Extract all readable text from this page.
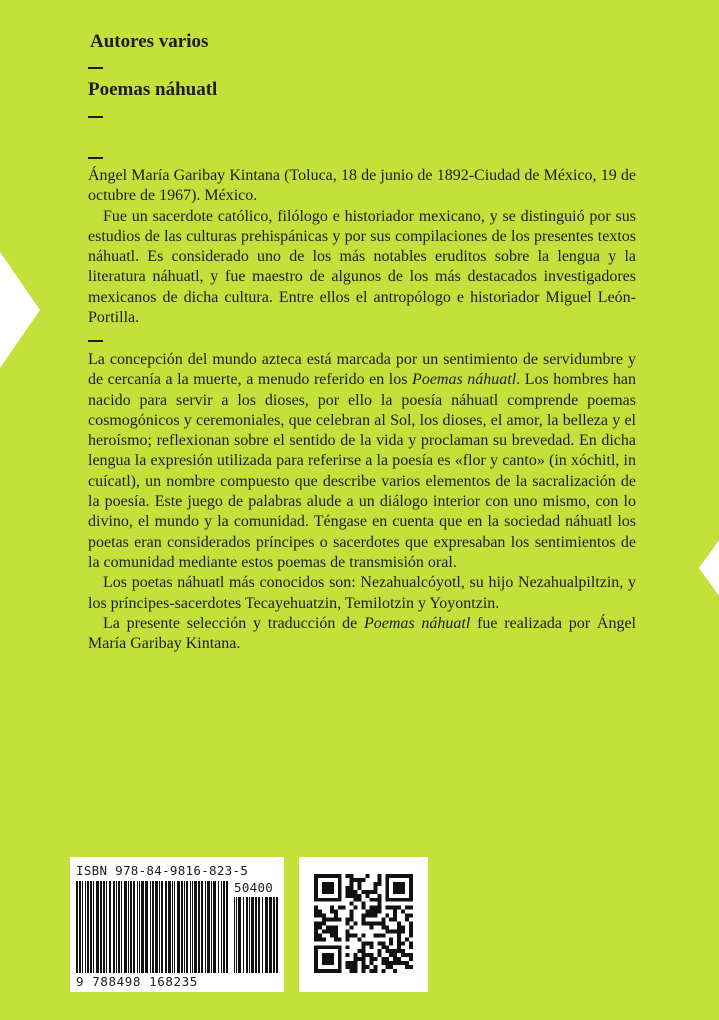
Autores varios
Poemas náhuatl

Ángel María Garibay Kintana (Toluca, 18 de junio de 1892-Ciudad de México, 19 de octubre de 1967). México.

Fue un sacerdote católico, filólogo e historiador mexicano, y se distinguió por sus estudios de las culturas prehispánicas y por sus compilaciones de los presentes textos náhuatl. Es considerado uno de los más notables eruditos sobre la lengua y la literatura náhuatl, y fue maestro de algunos de los más destacados investigadores mexicanos de dicha cultura. Entre ellos el antropólogo e historiador Miguel León-Portilla.

La concepción del mundo azteca está marcada por un sentimiento de servidumbre y de cercanía a la muerte, a menudo referido en los Poemas náhuatl. Los hombres han nacido para servir a los dioses, por ello la poesía náhuatl comprende poemas cosmogónicos y ceremoniales, que celebran al Sol, los dioses, el amor, la belleza y el heroísmo; reflexionan sobre el sentido de la vida y proclaman su brevedad. En dicha lengua la expresión utilizada para referirse a la poesía es «flor y canto» (in xóchitl, in cuícatl), un nombre compuesto que describe varios elementos de la sacralización de la poesía. Este juego de palabras alude a un diálogo interior con uno mismo, con lo divino, el mundo y la comunidad. Téngase en cuenta que en la sociedad náhuatl los poetas eran considerados príncipes o sacerdotes que expresaban los sentimientos de la comunidad mediante estos poemas de transmisión oral.

Los poetas náhuatl más conocidos son: Nezahualcóyotl, su hijo Nezahualpiltzin, y los príncipes-sacerdotes Tecayehuatzin, Temilotzin y Yoyontzin.

La presente selección y traducción de Poemas náhuatl fue realizada por Ángel María Garibay Kintana.

ISBN 978-84-9816-823-5
50400
9 788498 168235
